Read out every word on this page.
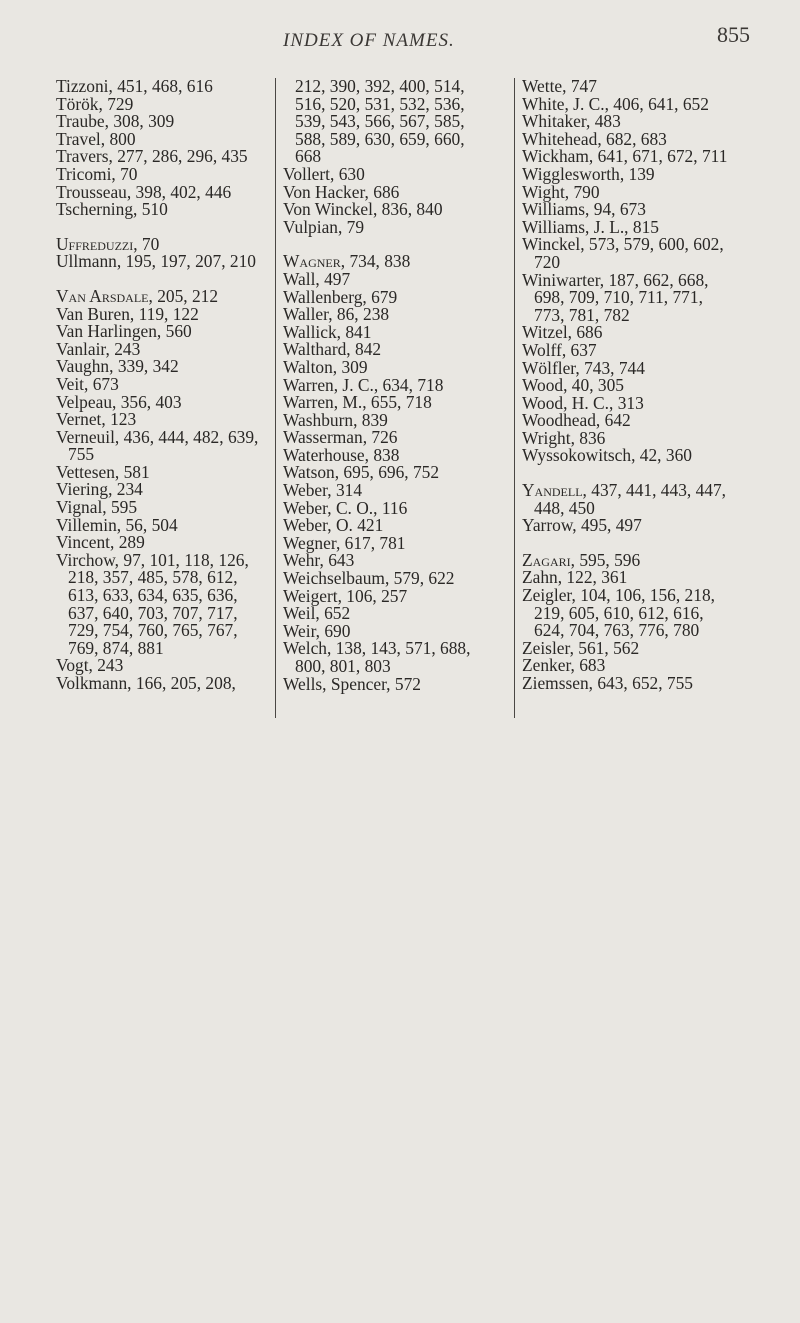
INDEX OF NAMES.	855
Tizzoni, 451, 468, 616
Török, 729
Traube, 308, 309
Travel, 800
Travers, 277, 286, 296, 435
Tricomi, 70
Trousseau, 398, 402, 446
Tscherning, 510
Uffreduzzi, 70
Ullmann, 195, 197, 207, 210
Van Arsdale, 205, 212
Van Buren, 119, 122
Van Harlingen, 560
Vanlair, 243
Vaughn, 339, 342
Veit, 673
Velpeau, 356, 403
Vernet, 123
Verneuil, 436, 444, 482, 639,
755
Vettesen, 581
Viering, 234
Vignal, 595
Villemin, 56, 504
Vincent, 289
Virchow, 97, 101, 118, 126,
218, 357, 485, 578, 612,
613, 633, 634, 635, 636,
637, 640, 703, 707, 717,
729, 754, 760, 765, 767,
769, 874, 881
Vogt, 243
Volkmann, 166, 205, 208,
212, 390, 392, 400, 514,
516, 520, 531, 532, 536,
539, 543, 566, 567, 585,
588, 589, 630, 659, 660,
668
Vollert, 630
Von Hacker, 686
Von Winckel, 836, 840
Vulpian, 79
Wagner, 734, 838
Wall, 497
Wallenberg, 679
Waller, 86, 238
Wallick, 841
Walthard, 842
Walton, 309
Warren, J. C., 634, 718
Warren, M., 655, 718
Washburn, 839
Wasserman, 726
Waterhouse, 838
Watson, 695, 696, 752
Weber, 314
Weber, C. O., 116
Weber, O. 421
Wegner, 617, 781
Wehr, 643
Weichselbaum, 579, 622
Weigert, 106, 257
Weil, 652
Weir, 690
Welch, 138, 143, 571, 688,
800, 801, 803
Wells, Spencer, 572
Wette, 747
White, J. C., 406, 641, 652
Whitaker, 483
Whitehead, 682, 683
Wickham, 641, 671, 672, 711
Wigglesworth, 139
Wight, 790
Williams, 94, 673
Williams, J. L., 815
Winckel, 573, 579, 600, 602,
720
Winiwarter, 187, 662, 668,
698, 709, 710, 711, 771,
773, 781, 782
Witzel, 686
Wolff, 637
Wölfler, 743, 744
Wood, 40, 305
Wood, H. C., 313
Woodhead, 642
Wright, 836
Wyssokowitsch, 42, 360
Yandell, 437, 441, 443, 447,
448, 450
Yarrow, 495, 497
Zagari, 595, 596
Zahn, 122, 361
Zeigler, 104, 106, 156, 218,
219, 605, 610, 612, 616,
624, 704, 763, 776, 780
Zeisler, 561, 562
Zenker, 683
Ziemssen, 643, 652, 755
